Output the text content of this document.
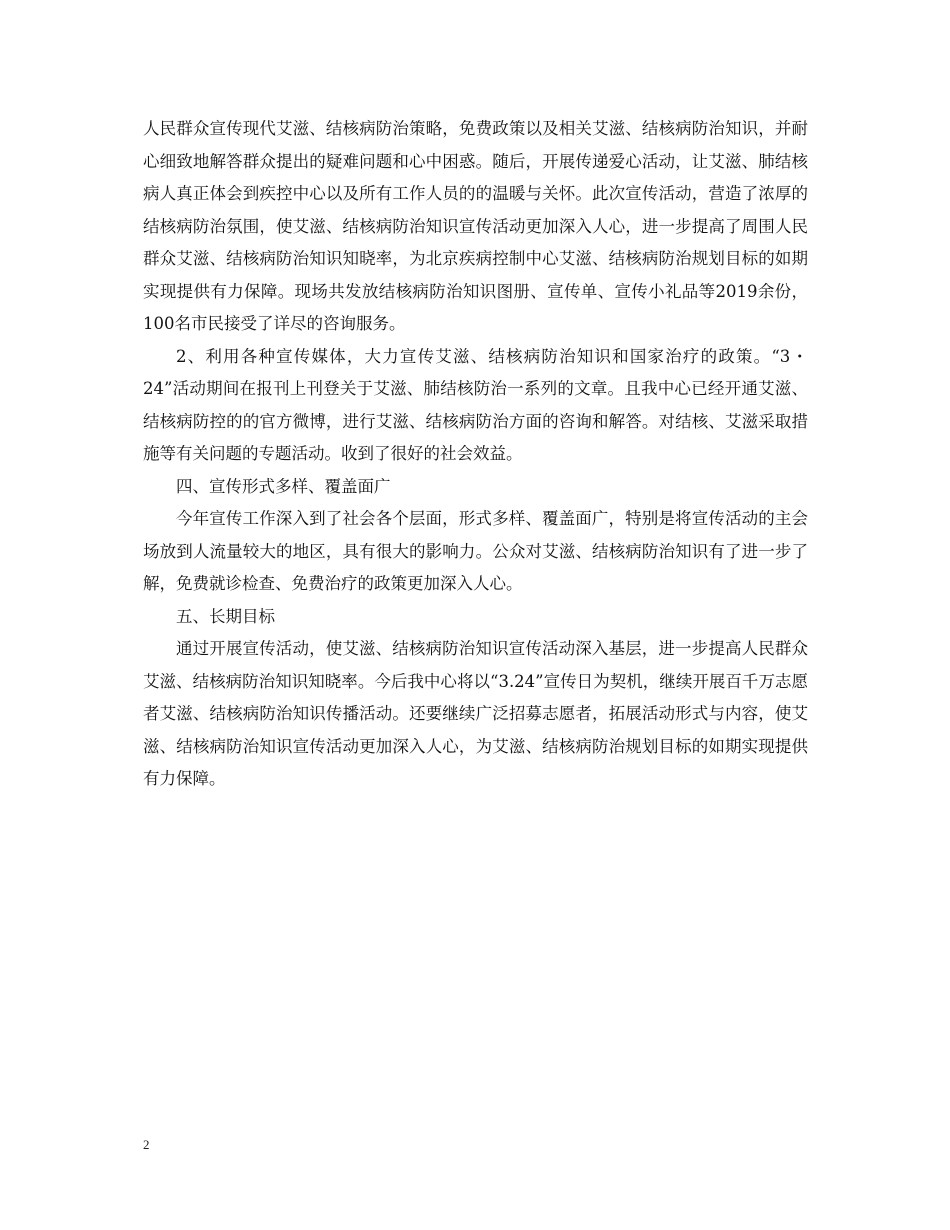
人民群众宣传现代艾滋、结核病防治策略，免费政策以及相关艾滋、结核病防治知识，并耐心细致地解答群众提出的疑难问题和心中困惑。随后，开展传递爱心活动，让艾滋、肺结核病人真正体会到疾控中心以及所有工作人员的的温暖与关怀。此次宣传活动，营造了浓厚的结核病防治氛围，使艾滋、结核病防治知识宣传活动更加深入人心，进一步提高了周围人民群众艾滋、结核病防治知识知晓率，为北京疾病控制中心艾滋、结核病防治规划目标的如期实现提供有力保障。现场共发放结核病防治知识图册、宣传单、宣传小礼品等2019余份，100名市民接受了详尽的咨询服务。

2、利用各种宣传媒体，大力宣传艾滋、结核病防治知识和国家治疗的政策。“3・24”活动期间在报刊上刊登关于艾滋、肺结核防治一系列的文章。且我中心已经开通艾滋、结核病防控的的官方微博，进行艾滋、结核病防治方面的咨询和解答。对结核、艾滋采取措施等有关问题的专题活动。收到了很好的社会效益。

四、宣传形式多样、覆盖面广

今年宣传工作深入到了社会各个层面，形式多样、覆盖面广，特别是将宣传活动的主会场放到人流量较大的地区，具有很大的影响力。公众对艾滋、结核病防治知识有了进一步了解，免费就诊检查、免费治疗的政策更加深入人心。

五、长期目标

通过开展宣传活动，使艾滋、结核病防治知识宣传活动深入基层，进一步提高人民群众艾滋、结核病防治知识知晓率。今后我中心将以“3.24”宣传日为契机，继续开展百千万志愿者艾滋、结核病防治知识传播活动。还要继续广泛招募志愿者，拓展活动形式与内容，使艾滋、结核病防治知识宣传活动更加深入人心，为艾滋、结核病防治规划目标的如期实现提供有力保障。

2
